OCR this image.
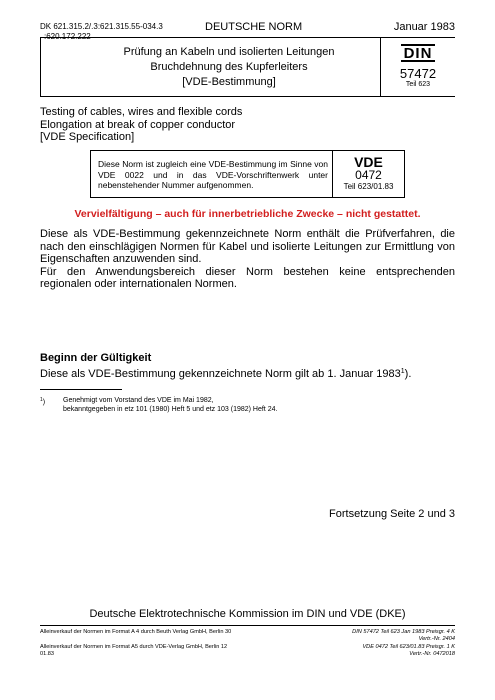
DK 621.315.2/.3:621.315.55-034.3
:620.172.222
DEUTSCHE NORM	Januar 1983
Prüfung an Kabeln und isolierten Leitungen
Bruchdehnung des Kupferleiters
[VDE-Bestimmung]
DIN
57472
Teil 623
Testing of cables, wires and flexible cords
Elongation at break of copper conductor
[VDE Specification]
Diese Norm ist zugleich eine VDE-Bestimmung im Sinne von VDE 0022 und in das VDE-Vorschriftenwerk unter nebenstehender Nummer aufgenommen.
VDE
0472
Teil 623/01.83
Vervielfältigung – auch für innerbetriebliche Zwecke – nicht gestattet.

Diese als VDE-Bestimmung gekennzeichnete Norm enthält die Prüfverfahren, die nach den einschlägigen Normen für Kabel und isolierte Leitungen zur Ermittlung von Eigenschaften anzuwenden sind.

Für den Anwendungsbereich dieser Norm bestehen keine entsprechenden regionalen oder internationalen Normen.

Beginn der Gültigkeit
Diese als VDE-Bestimmung gekennzeichnete Norm gilt ab 1. Januar 1983$^1$).
$^1$)	Genehmigt vom Vorstand des VDE im Mai 1982,
bekanntgegeben in etz 101 (1980) Heft 5 und etz 103 (1982) Heft 24.
Fortsetzung Seite 2 und 3
Deutsche Elektrotechnische Kommission im DIN und VDE (DKE)
Alleinverkauf der Normen im Format A 4 durch Beuth Verlag GmbH, Berlin 30
Alleinverkauf der Normen im Format A5 durch VDE-Verlag GmbH, Berlin 12
01.83
DIN 57472 Teil 623 Jan 1983 Preisgr. 4 K
Vertr.-Nr. 2404
VDE 0472 Teil 623/01.83 Preisgr. 1 K
Vertr.-Nr. 0472018
